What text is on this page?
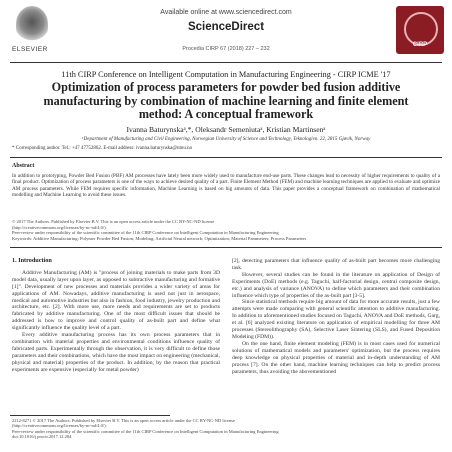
ELSEVIER
Available online at www.sciencedirect.com
ScienceDirect
Procedia CIRP 67 (2018) 227 – 232
CIRP
11th CIRP Conference on Intelligent Computation in Manufacturing Engineering - CIRP ICME '17
Optimization of process parameters for powder bed fusion additive
manufacturing by combination of machine learning and finite element
method: A conceptual framework
Ivanna Baturynskaᵃ,*, Oleksandr Semeniutaᵃ, Kristian Martinsenᵃ
ᵃDepartment of Manufacturing and Civil Engineering, Norwegian University of Science and Technology, Teknologivn. 22, 2815 Gjøvik, Norway
* Corresponding author. Tel.: +47 47752862. E-mail address: ivanna.baturynska@ntnu.no
Abstract
In addition to prototyping, Powder Bed Fusion (PBF) AM processes have lately been more widely used to manufacture end-use parts. These changes lead to necessity of higher requirements to quality of a final product. Optimization of process parameters is one of the ways to achieve desired quality of a part. Finite Element Method (FEM) and machine learning techniques are applied to evaluate and optimize AM process parameters. While FEM requires specific information, Machine Learning is based on big amounts of data. This paper provides a conceptual framework on combination of mathematical modelling and Machine Learning to avoid these issues.
© 2017 The Authors. Published by Elsevier B.V. This is an open access article under the CC BY-NC-ND license
(http://creativecommons.org/licenses/by-nc-nd/4.0/).
Peer-review under responsibility of the scientific committee of the 11th CIRP Conference on Intelligent Computation in Manufacturing Engineering
Keywords: Additive Manufacturing; Polymer Powder Bed Fusion; Modeling; Artificial Neural network; Optimization; Material Parameters; Process Parameters
1. Introduction

Additive Manufacturing (AM) is "process of joining materials to make parts from 3D model data, usually layer upon layer, as opposed to subtractive manufacturing and formative [1]". Development of new processes and materials provides a wider variety of areas for applications of AM. Nowadays, additive manufacturing is used not just in aerospace, medical and automotive industries but also in fashion, food industry, jewelry production and architecture, etc. [2]. With more use, more needs and requirements are set to products fabricated by additive manufacturing. One of the most difficult issues that should be addressed is how to improve and control quality of as-built part and define what significantly influence the quality level of a part.

Every additive manufacturing process has its own process parameters that in combination with material properties and environmental conditions influence quality of fabricated parts. Experimentally through the observation, it is very difficult to define those parameters and their combinations, which have the most impact on engineering (mechanical, physical and material) properties of the product. In addition, by the reason that practical experiments are expensive (especially for metal powder)

[2], detecting parameters that influence quality of as-built part becomes more challenging task.

However, several studies can be found in the literature on application of Design of Experiments (DoE) methods (e.g. Taguchi, half-factorial design, central composite design, etc.) and analysis of variance (ANOVA) to define which parameters and their combination influence which type of properties of the as-built part [3-5].

Since statistical methods require big amount of data for more accurate results, just a few attempts were made comparing with general scientific attention to additive manufacturing. In addition to aforementioned studies focused on Taguchi, ANOVA and DoE methods, Garg, et al. [6] analyzed existing literature on application of empirical modelling for three AM processes (Stereolithography (SA), Selective Laser Sintering (SLS), and Fused Deposition Modeling (FDM)).

On the one hand, finite element modeling (FEM) is in most cases used for numerical solutions of mathematical models and parameters' optimization, but the process requires deep knowledge on physical properties of material and in-depth understanding of AM process [7]. On the other hand, machine learning techniques can help to predict process parameters, thus avoiding the abovementioned

2212-8271 © 2017 The Authors. Published by Elsevier B.V. This is an open access article under the CC BY-NC-ND license
(http://creativecommons.org/licenses/by-nc-nd/4.0/).
Peer-review under responsibility of the scientific committee of the 11th CIRP Conference on Intelligent Computation in Manufacturing Engineering
doi:10.1016/j.procir.2017.12.204
